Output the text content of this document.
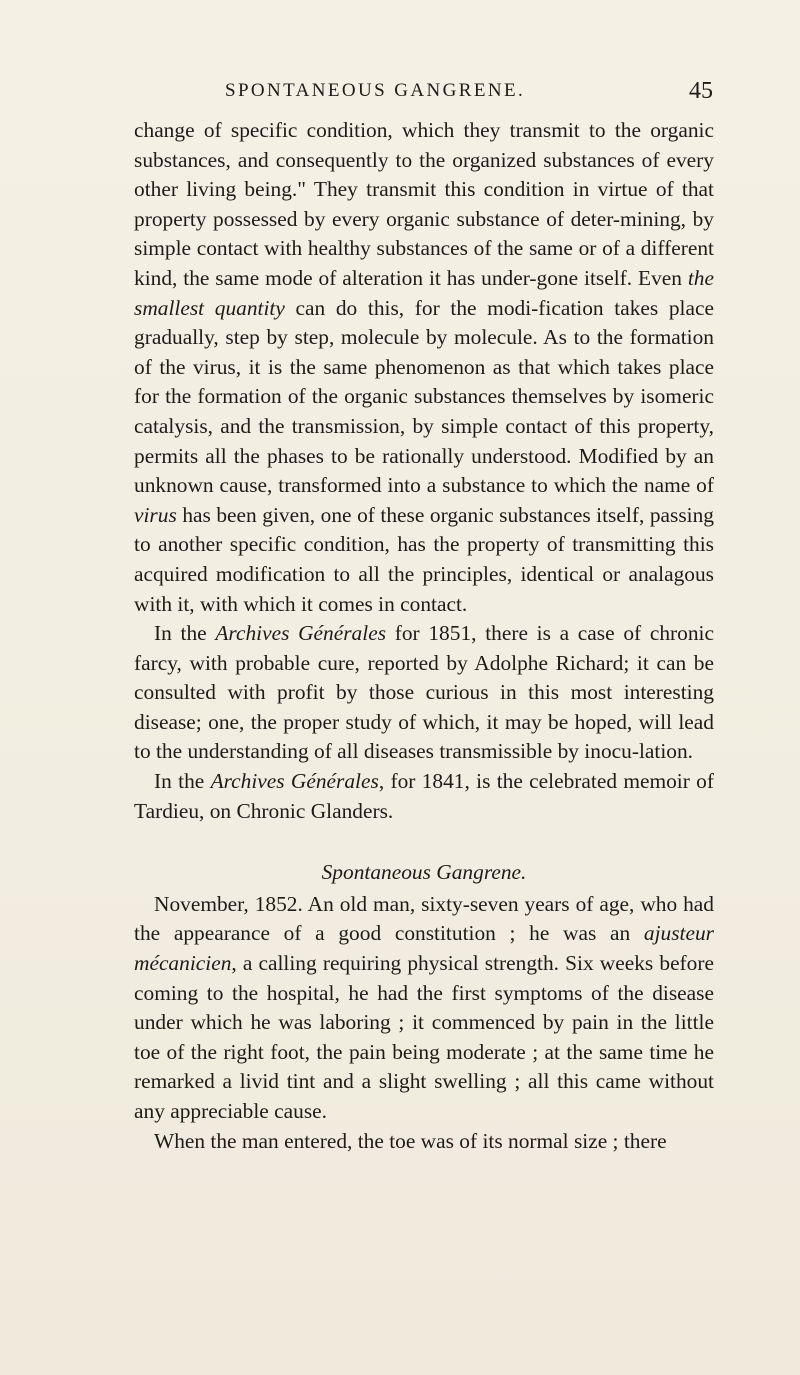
SPONTANEOUS GANGRENE.	45

change of specific condition, which they transmit to the organic substances, and consequently to the organized substances of every other living being." They transmit this condition in virtue of that property possessed by every organic substance of deter-mining, by simple contact with healthy substances of the same or of a different kind, the same mode of alteration it has under-gone itself. Even the smallest quantity can do this, for the modi-fication takes place gradually, step by step, molecule by molecule. As to the formation of the virus, it is the same phenomenon as that which takes place for the formation of the organic substances themselves by isomeric catalysis, and the transmission, by simple contact of this property, permits all the phases to be rationally understood. Modified by an unknown cause, transformed into a substance to which the name of virus has been given, one of these organic substances itself, passing to another specific condition, has the property of transmitting this acquired modification to all the principles, identical or analagous with it, with which it comes in contact.

In the Archives Générales for 1851, there is a case of chronic farcy, with probable cure, reported by Adolphe Richard; it can be consulted with profit by those curious in this most interesting disease; one, the proper study of which, it may be hoped, will lead to the understanding of all diseases transmissible by inocu-lation.

In the Archives Générales, for 1841, is the celebrated memoir of Tardieu, on Chronic Glanders.

Spontaneous Gangrene.

November, 1852. An old man, sixty-seven years of age, who had the appearance of a good constitution ; he was an ajusteur mécanicien, a calling requiring physical strength. Six weeks before coming to the hospital, he had the first symptoms of the disease under which he was laboring ; it commenced by pain in the little toe of the right foot, the pain being moderate ; at the same time he remarked a livid tint and a slight swelling ; all this came without any appreciable cause.

When the man entered, the toe was of its normal size ; there
